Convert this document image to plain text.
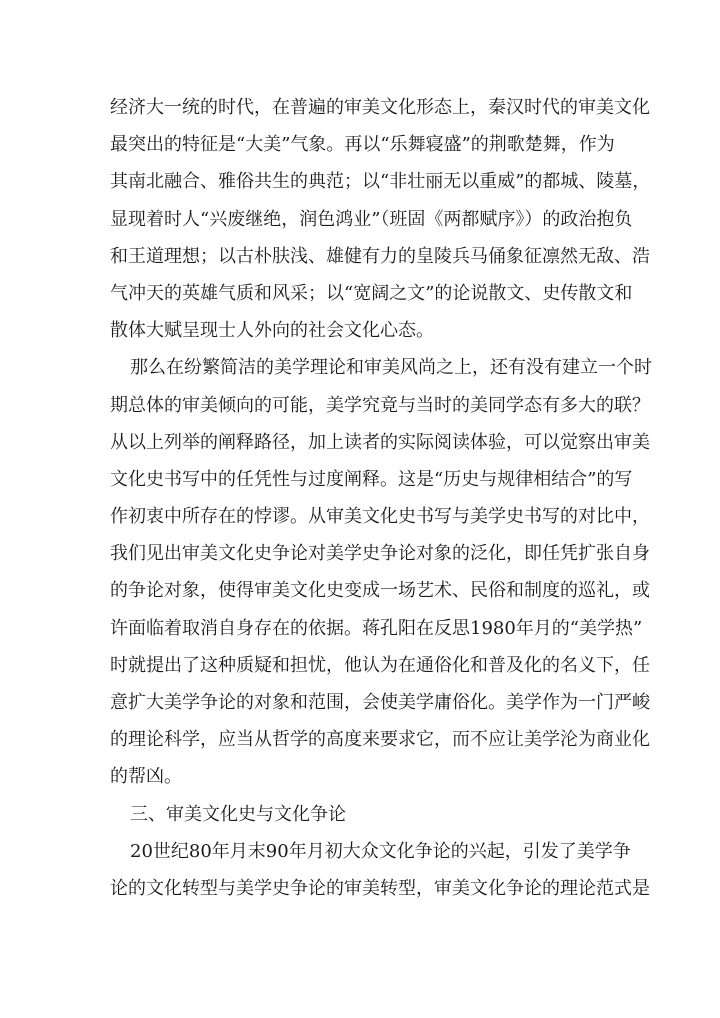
经济大一统的时代，在普遍的审美文化形态上，秦汉时代的审美文化
最突出的特征是“大美”气象。再以“乐舞寝盛”的荆歌楚舞，作为
其南北融合、雅俗共生的典范；以“非壮丽无以重威”的都城、陵墓，
显现着时人“兴废继绝，润色鸿业”（班固《两都赋序》）的政治抱负
和王道理想；以古朴肤浅、雄健有力的皇陵兵马俑象征凛然无敌、浩
气冲天的英雄气质和风采；以“宽阔之文”的论说散文、史传散文和
散体大赋呈现士人外向的社会文化心态。
那么在纷繁简洁的美学理论和审美风尚之上，还有没有建立一个时
期总体的审美倾向的可能，美学究竟与当时的美同学态有多大的联？
从以上列举的阐释路径，加上读者的实际阅读体验，可以觉察出审美
文化史书写中的任凭性与过度阐释。这是“历史与规律相结合”的写
作初衷中所存在的悖谬。从审美文化史书写与美学史书写的对比中，
我们见出审美文化史争论对美学史争论对象的泛化，即任凭扩张自身
的争论对象，使得审美文化史变成一场艺术、民俗和制度的巡礼，或
许面临着取消自身存在的依据。蒋孔阳在反思1980年月的“美学热”
时就提出了这种质疑和担忧，他认为在通俗化和普及化的名义下，任
意扩大美学争论的对象和范围，会使美学庸俗化。美学作为一门严峻
的理论科学，应当从哲学的高度来要求它，而不应让美学沦为商业化
的帮凶。
三、审美文化史与文化争论
20世纪80年月末90年月初大众文化争论的兴起，引发了美学争
论的文化转型与美学史争论的审美转型，审美文化争论的理论范式是
